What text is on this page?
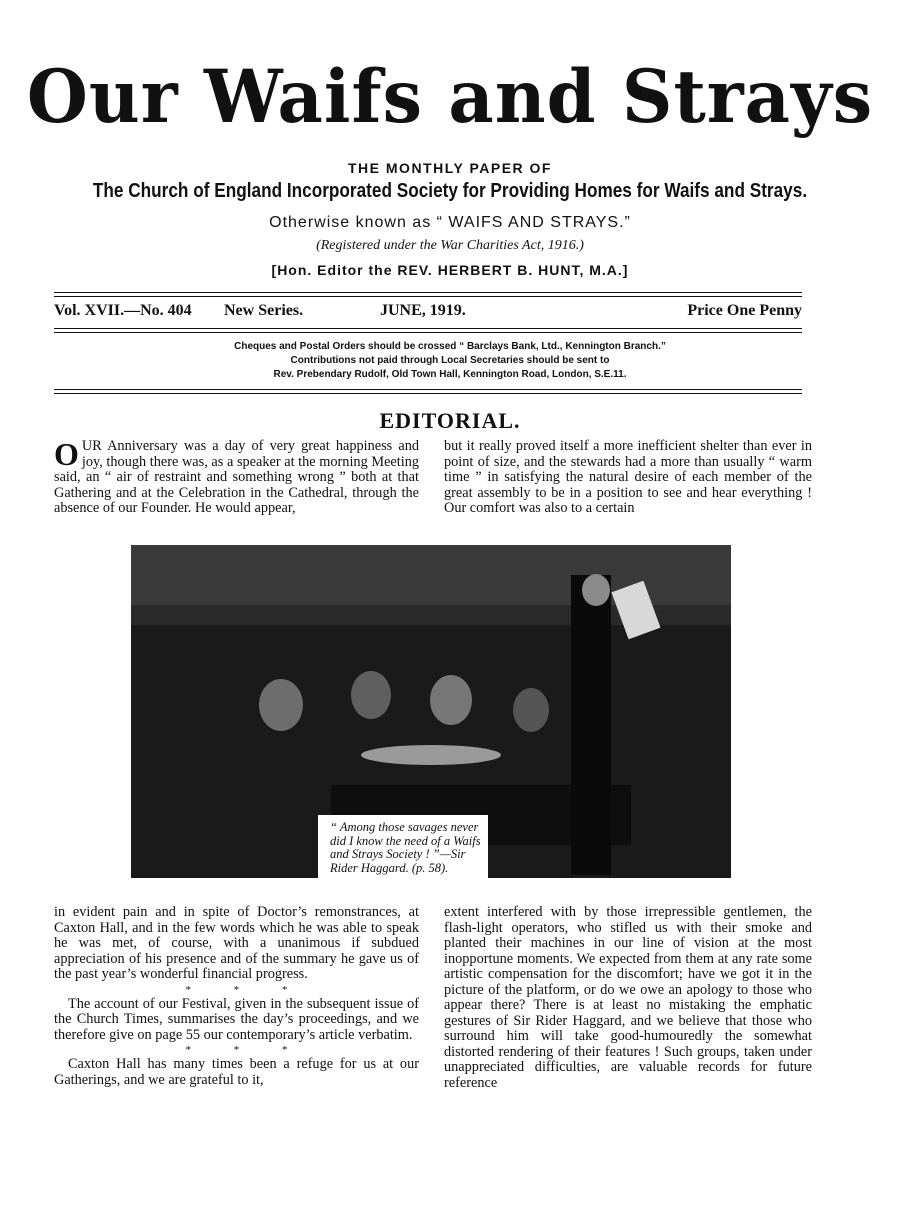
Our Waifs and Strays
THE MONTHLY PAPER OF
The Church of England Incorporated Society for Providing Homes for Waifs and Strays.
Otherwise known as “ WAIFS AND STRAYS.”
(Registered under the War Charities Act, 1916.)
[Hon. Editor the REV. HERBERT B. HUNT, M.A.]
Vol. XVII.—No. 404 New Series.	JUNE, 1919.	Price One Penny
Cheques and Postal Orders should be crossed “ Barclays Bank, Ltd., Kennington Branch.”
Contributions not paid through Local Secretaries should be sent to
Rev. Prebendary Rudolf, Old Town Hall, Kennington Road, London, S.E.11.
EDITORIAL.
OUR Anniversary was a day of very great happiness and joy, though there was, as a speaker at the morning Meeting said, an “ air of restraint and something wrong ” both at that Gathering and at the Celebration in the Cathedral, through the absence of our Founder. He would appear,
but it really proved itself a more inefficient shelter than ever in point of size, and the stewards had a more than usually “ warm time ” in satisfying the natural desire of each member of the great assembly to be in a position to see and hear everything ! Our comfort was also to a certain
“ Among those savages never did I know the need of a Waifs and Strays Society ! ”—Sir Rider Haggard. (p. 58).

in evident pain and in spite of Doctor’s remonstrances, at Caxton Hall, and in the few words which he was able to speak he was met, of course, with a unanimous if subdued appreciation of his presence and of the summary he gave us of the past year’s wonderful financial progress.

* * *

The account of our Festival, given in the subsequent issue of the Church Times, summarises the day’s proceedings, and we therefore give on page 55 our contemporary’s article verbatim.

* * *

Caxton Hall has many times been a refuge for us at our Gatherings, and we are grateful to it,

extent interfered with by those irrepressible gentlemen, the flash-light operators, who stifled us with their smoke and planted their machines in our line of vision at the most inopportune moments. We expected from them at any rate some artistic compensation for the discomfort; have we got it in the picture of the platform, or do we owe an apology to those who appear there? There is at least no mistaking the emphatic gestures of Sir Rider Haggard, and we believe that those who surround him will take good-humouredly the somewhat distorted rendering of their features ! Such groups, taken under unappreciated difficulties, are valuable records for future reference
